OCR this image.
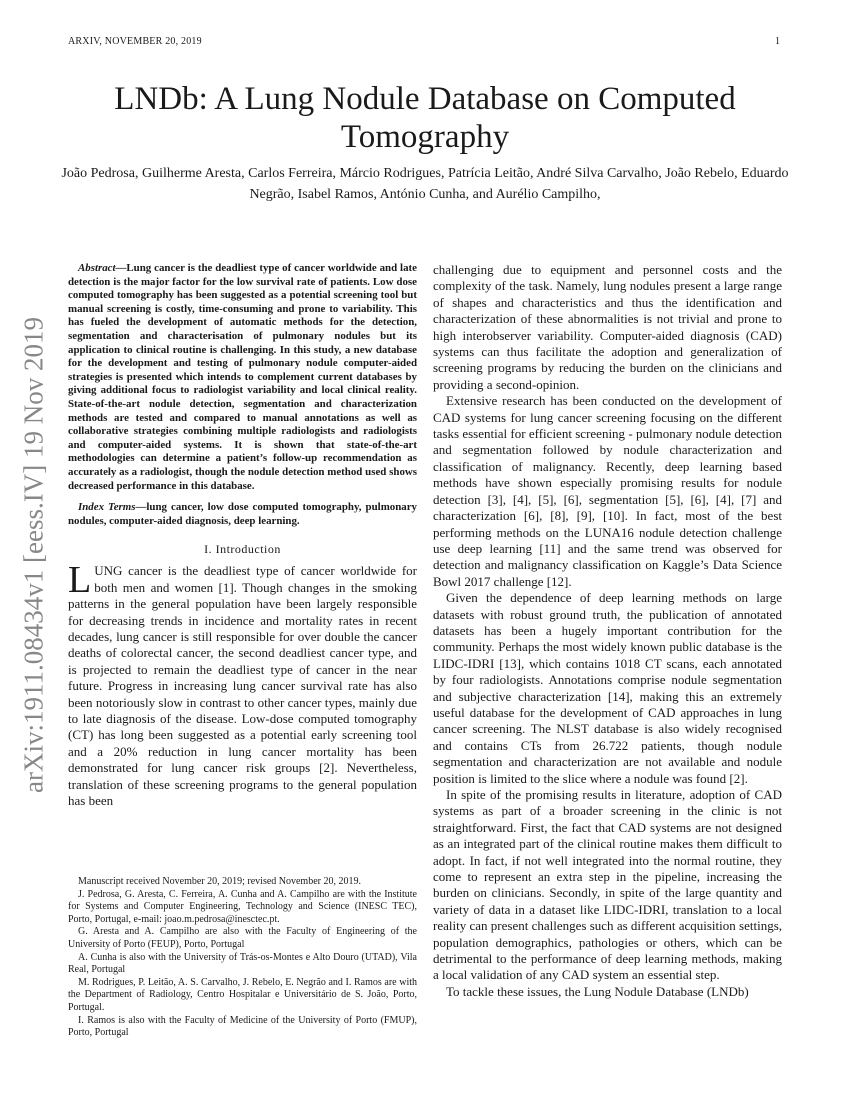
ARXIV, NOVEMBER 20, 2019	1
LNDb: A Lung Nodule Database on Computed Tomography
João Pedrosa, Guilherme Aresta, Carlos Ferreira, Márcio Rodrigues, Patrícia Leitão, André Silva Carvalho, João Rebelo, Eduardo Negrão, Isabel Ramos, António Cunha, and Aurélio Campilho,
arXiv:1911.08434v1 [eess.IV] 19 Nov 2019

Abstract—Lung cancer is the deadliest type of cancer worldwide and late detection is the major factor for the low survival rate of patients. Low dose computed tomography has been suggested as a potential screening tool but manual screening is costly, time-consuming and prone to variability. This has fueled the development of automatic methods for the detection, segmentation and characterisation of pulmonary nodules but its application to clinical routine is challenging. In this study, a new database for the development and testing of pulmonary nodule computer-aided strategies is presented which intends to complement current databases by giving additional focus to radiologist variability and local clinical reality. State-of-the-art nodule detection, segmentation and characterization methods are tested and compared to manual annotations as well as collaborative strategies combining multiple radiologists and radiologists and computer-aided systems. It is shown that state-of-the-art methodologies can determine a patient’s follow-up recommendation as accurately as a radiologist, though the nodule detection method used shows decreased performance in this database.

Index Terms—lung cancer, low dose computed tomography, pulmonary nodules, computer-aided diagnosis, deep learning.

I. Introduction

LUNG cancer is the deadliest type of cancer worldwide for both men and women [1]. Though changes in the smoking patterns in the general population have been largely responsible for decreasing trends in incidence and mortality rates in recent decades, lung cancer is still responsible for over double the cancer deaths of colorectal cancer, the second deadliest cancer type, and is projected to remain the deadliest type of cancer in the near future. Progress in increasing lung cancer survival rate has also been notoriously slow in contrast to other cancer types, mainly due to late diagnosis of the disease. Low-dose computed tomography (CT) has long been suggested as a potential early screening tool and a 20% reduction in lung cancer mortality has been demonstrated for lung cancer risk groups [2]. Nevertheless, translation of these screening programs to the general population has been

Manuscript received November 20, 2019; revised November 20, 2019.

J. Pedrosa, G. Aresta, C. Ferreira, A. Cunha and A. Campilho are with the Institute for Systems and Computer Engineering, Technology and Science (INESC TEC), Porto, Portugal, e-mail: joao.m.pedrosa@inesctec.pt.

G. Aresta and A. Campilho are also with the Faculty of Engineering of the University of Porto (FEUP), Porto, Portugal

A. Cunha is also with the University of Trás-os-Montes e Alto Douro (UTAD), Vila Real, Portugal

M. Rodrigues, P. Leitão, A. S. Carvalho, J. Rebelo, E. Negrão and I. Ramos are with the Department of Radiology, Centro Hospitalar e Universitário de S. João, Porto, Portugal.

I. Ramos is also with the Faculty of Medicine of the University of Porto (FMUP), Porto, Portugal

challenging due to equipment and personnel costs and the complexity of the task. Namely, lung nodules present a large range of shapes and characteristics and thus the identification and characterization of these abnormalities is not trivial and prone to high interobserver variability. Computer-aided diagnosis (CAD) systems can thus facilitate the adoption and generalization of screening programs by reducing the burden on the clinicians and providing a second-opinion.

Extensive research has been conducted on the development of CAD systems for lung cancer screening focusing on the different tasks essential for efficient screening - pulmonary nodule detection and segmentation followed by nodule characterization and classification of malignancy. Recently, deep learning based methods have shown especially promising results for nodule detection [3], [4], [5], [6], segmentation [5], [6], [4], [7] and characterization [6], [8], [9], [10]. In fact, most of the best performing methods on the LUNA16 nodule detection challenge use deep learning [11] and the same trend was observed for detection and malignancy classification on Kaggle’s Data Science Bowl 2017 challenge [12].

Given the dependence of deep learning methods on large datasets with robust ground truth, the publication of annotated datasets has been a hugely important contribution for the community. Perhaps the most widely known public database is the LIDC-IDRI [13], which contains 1018 CT scans, each annotated by four radiologists. Annotations comprise nodule segmentation and subjective characterization [14], making this an extremely useful database for the development of CAD approaches in lung cancer screening. The NLST database is also widely recognised and contains CTs from 26.722 patients, though nodule segmentation and characterization are not available and nodule position is limited to the slice where a nodule was found [2].

In spite of the promising results in literature, adoption of CAD systems as part of a broader screening in the clinic is not straightforward. First, the fact that CAD systems are not designed as an integrated part of the clinical routine makes them difficult to adopt. In fact, if not well integrated into the normal routine, they come to represent an extra step in the pipeline, increasing the burden on clinicians. Secondly, in spite of the large quantity and variety of data in a dataset like LIDC-IDRI, translation to a local reality can present challenges such as different acquisition settings, population demographics, pathologies or others, which can be detrimental to the performance of deep learning methods, making a local validation of any CAD system an essential step.

To tackle these issues, the Lung Nodule Database (LNDb)
